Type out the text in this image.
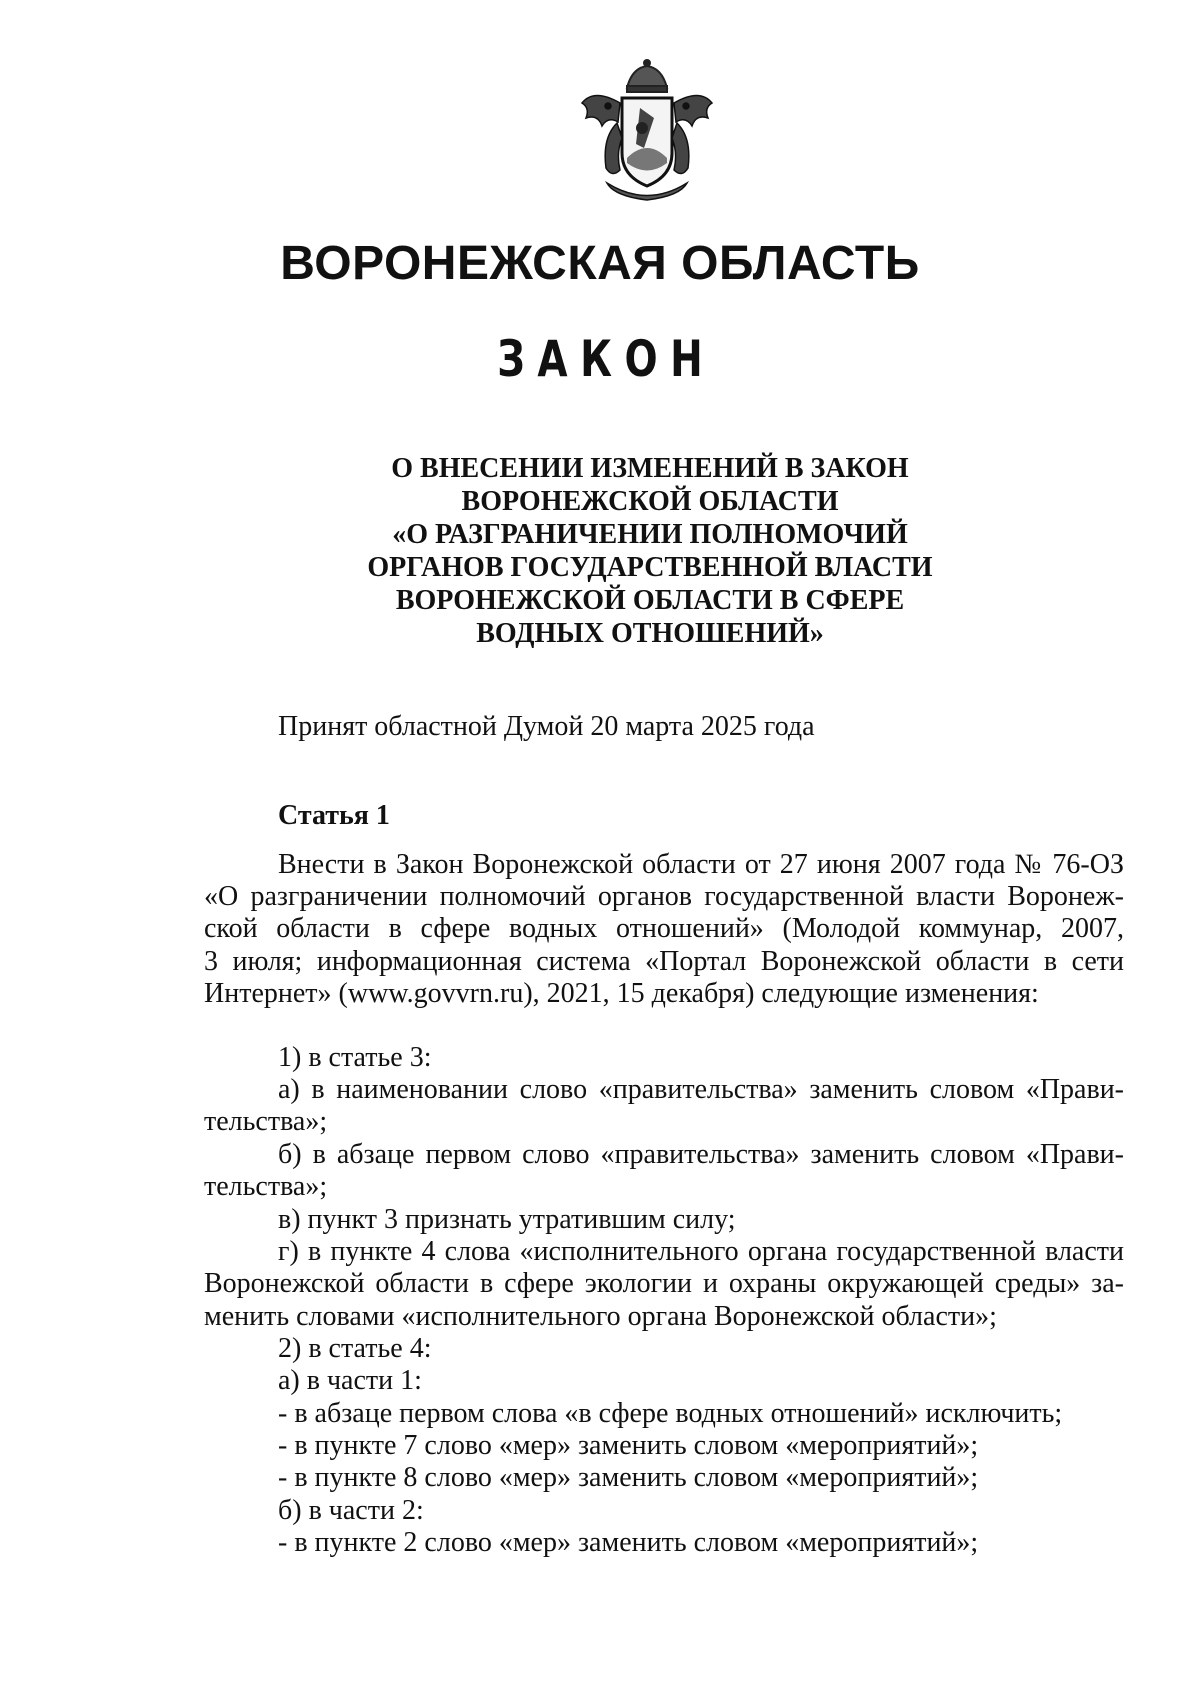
ВОРОНЕЖСКАЯ ОБЛАСТЬ
ЗАКОН
О ВНЕСЕНИИ ИЗМЕНЕНИЙ В ЗАКОН
ВОРОНЕЖСКОЙ ОБЛАСТИ
«О РАЗГРАНИЧЕНИИ ПОЛНОМОЧИЙ
ОРГАНОВ ГОСУДАРСТВЕННОЙ ВЛАСТИ
ВОРОНЕЖСКОЙ ОБЛАСТИ В СФЕРЕ
ВОДНЫХ ОТНОШЕНИЙ»

Принят областной Думой 20 марта 2025 года

Статья 1

Внести в Закон Воронежской области от 27 июня 2007 года № 76-ОЗ
«О разграничении полномочий органов государственной власти Воронеж-
ской области в сфере водных отношений» (Молодой коммунар, 2007,
3 июля; информационная система «Портал Воронежской области в сети
Интернет» (www.govvrn.ru), 2021, 15 декабря) следующие изменения:
1) в статье 3:
а) в наименовании слово «правительства» заменить словом «Прави-
тельства»;
б) в абзаце первом слово «правительства» заменить словом «Прави-
тельства»;
в) пункт 3 признать утратившим силу;
г) в пункте 4 слова «исполнительного органа государственной власти
Воронежской области в сфере экологии и охраны окружающей среды» за-
менить словами «исполнительного органа Воронежской области»;
2) в статье 4:
а) в части 1:
- в абзаце первом слова «в сфере водных отношений» исключить;
- в пункте 7 слово «мер» заменить словом «мероприятий»;
- в пункте 8 слово «мер» заменить словом «мероприятий»;
б) в части 2:
- в пункте 2 слово «мер» заменить словом «мероприятий»;
